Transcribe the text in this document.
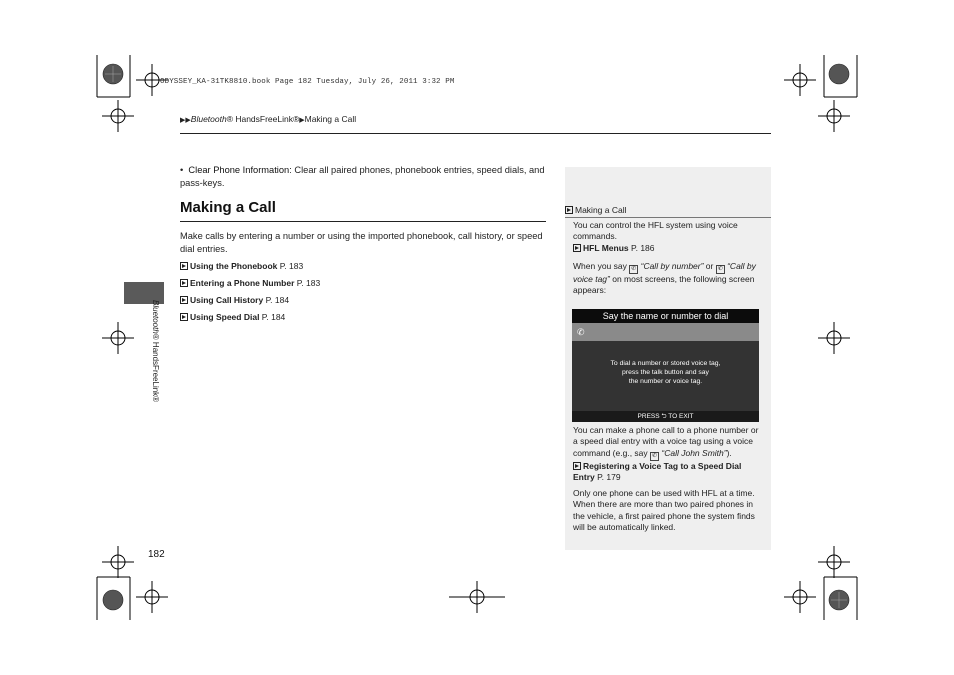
ODYSSEY_KA-31TK8810.book Page 182 Tuesday, July 26, 2011 3:32 PM
▶▶Bluetooth® HandsFreeLink®▶Making a Call
Bluetooth® HandsFreeLink®
•  Clear Phone Information: Clear all paired phones, phonebook entries, speed dials, and pass-keys.
Making a Call
Make calls by entering a number or using the imported phonebook, call history, or speed dial entries.
Using the Phonebook P. 183
Entering a Phone Number P. 183
Using Call History P. 184
Using Speed Dial P. 184
182
Making a Call
You can control the HFL system using voice commands.
HFL Menus P. 186
When you say ✆ “Call by number” or ✆ “Call by voice tag” on most screens, the following screen appears:
Say the name or number to dial
✆
To dial a number or stored voice tag,
press the talk button and say
the number or voice tag.
PRESS ⮌ TO EXIT
You can make a phone call to a phone number or a speed dial entry with a voice tag using a voice command (e.g., say ✆ “Call John Smith”).
Registering a Voice Tag to a Speed Dial Entry P. 179
Only one phone can be used with HFL at a time. When there are more than two paired phones in the vehicle, a first paired phone the system finds will be automatically linked.
